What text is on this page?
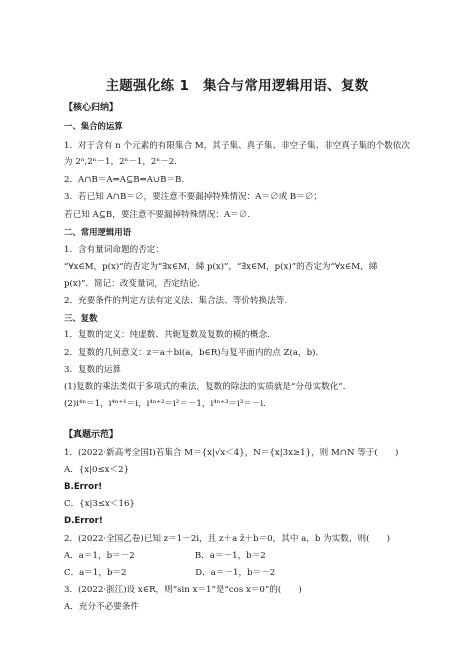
主题强化练 1　集合与常用逻辑用语、复数
【核心归纳】
一、集合的运算
1．对于含有 n 个元素的有限集合 M，其子集、真子集、非空子集、非空真子集的个数依次
为 2ⁿ,2ⁿ－1，2ⁿ－1，2ⁿ－2.
2．A∩B＝A⇔A⊆B⇔A∪B＝B.
3．若已知 A∩B＝∅，要注意不要漏掉特殊情况：A＝∅或 B＝∅；
若已知 A⊆B，要注意不要漏掉特殊情况：A＝∅.
二、常用逻辑用语
1．含有量词命题的否定：
“∀x∈M，p(x)”的否定为“∃x∈M，綈 p(x)”，“∃x∈M，p(x)”的否定为“∀x∈M，綈
p(x)”．简记：改变量词，否定结论.
2．充要条件的判定方法有定义法、集合法、等价转换法等.
三、复数
1．复数的定义：纯虚数、共轭复数及复数的模的概念.
2．复数的几何意义：z＝a＋bi(a，b∈R)与复平面内的点 Z(a，b).
3．复数的运算
(1)复数的乘法类似于多项式的乘法，复数的除法的实质就是“分母实数化”.
(2)i⁴ⁿ＝1，i⁴ⁿ⁺¹＝i，i⁴ⁿ⁺²＝i²＝－1，i⁴ⁿ⁺³＝i³＝－i.
【真题示范】
1．(2022·新高考全国Ⅰ)若集合 M＝{x|√x＜4}，N＝{x|3x≥1}，则 M∩N 等于(　　)
A．{x|0≤x＜2}
B.Error!
C．{x|3≤x＜16}
D.Error!
2．(2022·全国乙卷)已知 z＝1－2i，且 z＋a z̄＋b＝0，其中 a，b 为实数，则(　　)
A．a＝1，b＝－2　　　　　　　B．a＝－1，b＝2
C．a＝1，b＝2　　　　　　　　D．a＝－1，b＝－2
3．(2022·浙江)设 x∈R，则“sin x＝1”是“cos x＝0”的(　　)
A．充分不必要条件
